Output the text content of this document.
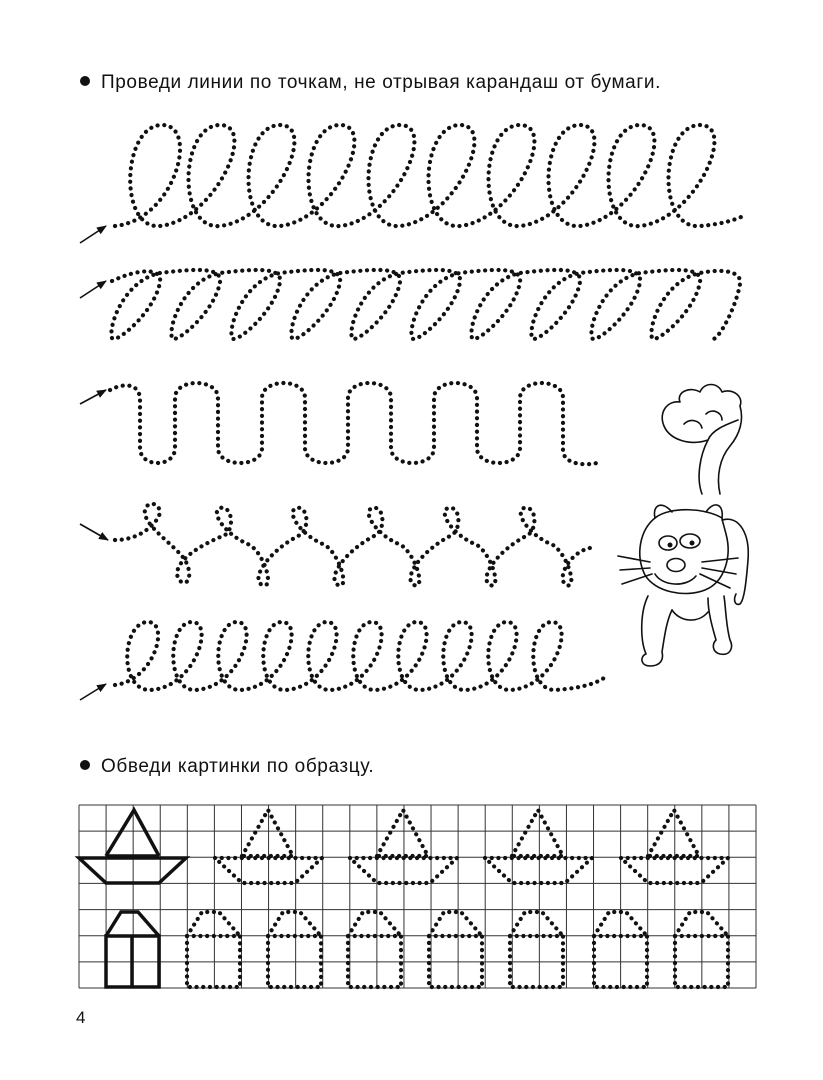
Проведи линии по точкам, не отрывая карандаш от бумаги.
Обведи картинки по образцу.
4
